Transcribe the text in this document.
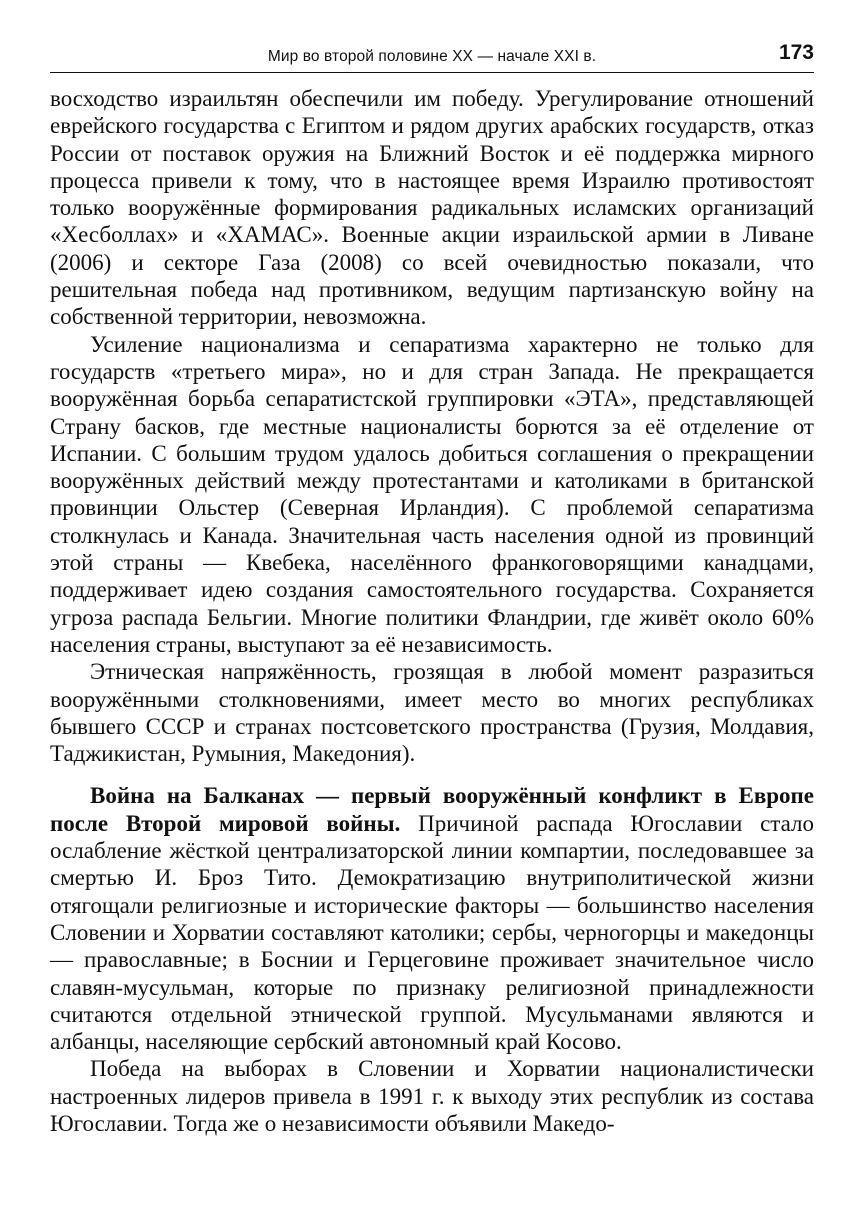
Мир во второй половине XX — начале XXI в.	173

восходство израильтян обеспечили им победу. Урегулирование отношений еврейского государства с Египтом и рядом других арабских государств, отказ России от поставок оружия на Ближний Восток и её поддержка мирного процесса привели к тому, что в настоящее время Израилю противостоят только вооружённые формирования радикальных исламских организаций «Хесболлах» и «ХАМАС». Военные акции израильской армии в Ливане (2006) и секторе Газа (2008) со всей очевидностью показали, что решительная победа над противником, ведущим партизанскую войну на собственной территории, невозможна.

Усиление национализма и сепаратизма характерно не только для государств «третьего мира», но и для стран Запада. Не прекращается вооружённая борьба сепаратистской группировки «ЭТА», представляющей Страну басков, где местные националисты борются за её отделение от Испании. С большим трудом удалось добиться соглашения о прекращении вооружённых действий между протестантами и католиками в британской провинции Ольстер (Северная Ирландия). С проблемой сепаратизма столкнулась и Канада. Значительная часть населения одной из провинций этой страны — Квебека, населённого франкоговорящими канадцами, поддерживает идею создания самостоятельного государства. Сохраняется угроза распада Бельгии. Многие политики Фландрии, где живёт около 60% населения страны, выступают за её независимость.

Этническая напряжённость, грозящая в любой момент разразиться вооружёнными столкновениями, имеет место во многих республиках бывшего СССР и странах постсоветского пространства (Грузия, Молдавия, Таджикистан, Румыния, Македония).

Война на Балканах — первый вооружённый конфликт в Европе после Второй мировой войны. Причиной распада Югославии стало ослабление жёсткой централизаторской линии компартии, последовавшее за смертью И. Броз Тито. Демократизацию внутриполитической жизни отягощали религиозные и исторические факторы — большинство населения Словении и Хорватии составляют католики; сербы, черногорцы и македонцы — православные; в Боснии и Герцеговине проживает значительное число славян-мусульман, которые по признаку религиозной принадлежности считаются отдельной этнической группой. Мусульманами являются и албанцы, населяющие сербский автономный край Косово.

Победа на выборах в Словении и Хорватии националистически настроенных лидеров привела в 1991 г. к выходу этих республик из состава Югославии. Тогда же о независимости объявили Македо-
